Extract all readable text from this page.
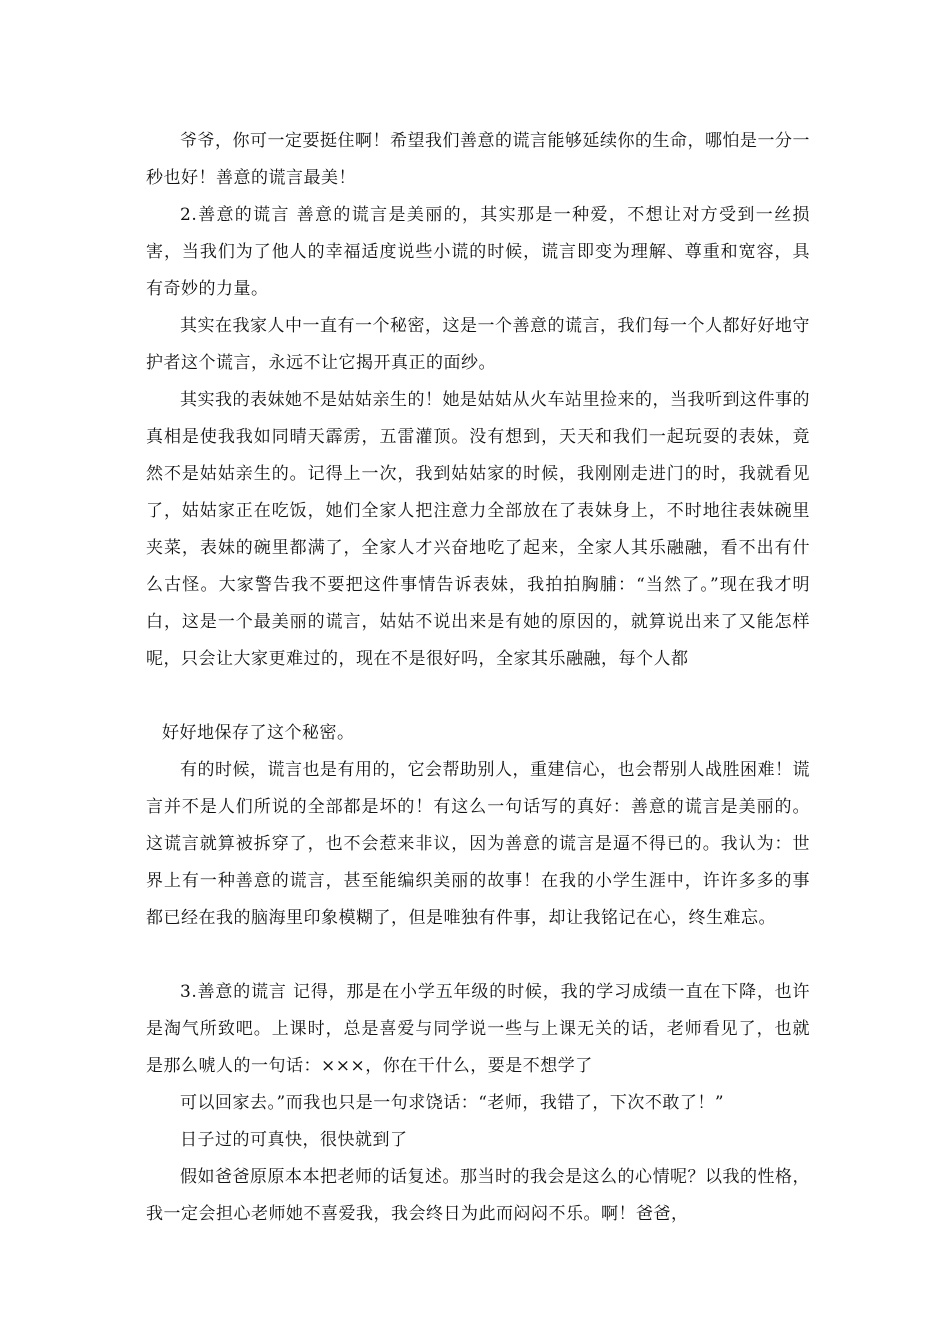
爷爷，你可一定要挺住啊！希望我们善意的谎言能够延续你的生命，哪怕是一分一秒也好！善意的谎言最美！

2.善意的谎言 善意的谎言是美丽的，其实那是一种爱，不想让对方受到一丝损害，当我们为了他人的幸福适度说些小谎的时候，谎言即变为理解、尊重和宽容，具有奇妙的力量。

其实在我家人中一直有一个秘密，这是一个善意的谎言，我们每一个人都好好地守护者这个谎言，永远不让它揭开真正的面纱。

其实我的表妹她不是姑姑亲生的！她是姑姑从火车站里捡来的，当我听到这件事的真相是使我我如同晴天霹雳，五雷灌顶。没有想到，天天和我们一起玩耍的表妹，竟然不是姑姑亲生的。记得上一次，我到姑姑家的时候，我刚刚走进门的时，我就看见了，姑姑家正在吃饭，她们全家人把注意力全部放在了表妹身上，不时地往表妹碗里夹菜，表妹的碗里都满了，全家人才兴奋地吃了起来，全家人其乐融融，看不出有什么古怪。大家警告我不要把这件事情告诉表妹，我拍拍胸脯：“当然了。”现在我才明白，这是一个最美丽的谎言，姑姑不说出来是有她的原因的，就算说出来了又能怎样呢，只会让大家更难过的，现在不是很好吗，全家其乐融融，每个人都

好好地保存了这个秘密。

有的时候，谎言也是有用的，它会帮助别人，重建信心，也会帮别人战胜困难！谎言并不是人们所说的全部都是坏的！有这么一句话写的真好：善意的谎言是美丽的。这谎言就算被拆穿了，也不会惹来非议，因为善意的谎言是逼不得已的。我认为：世界上有一种善意的谎言，甚至能编织美丽的故事！在我的小学生涯中，许许多多的事都已经在我的脑海里印象模糊了，但是唯独有件事，却让我铭记在心，终生难忘。

3.善意的谎言 记得，那是在小学五年级的时候，我的学习成绩一直在下降，也许是淘气所致吧。上课时，总是喜爱与同学说一些与上课无关的话，老师看见了，也就是那么唬人的一句话：×××，你在干什么，要是不想学了

可以回家去。”而我也只是一句求饶话：“老师，我错了，下次不敢了！”

日子过的可真快，很快就到了

假如爸爸原原本本把老师的话复述。那当时的我会是这么的心情呢？以我的性格，我一定会担心老师她不喜爱我，我会终日为此而闷闷不乐。啊！爸爸，
